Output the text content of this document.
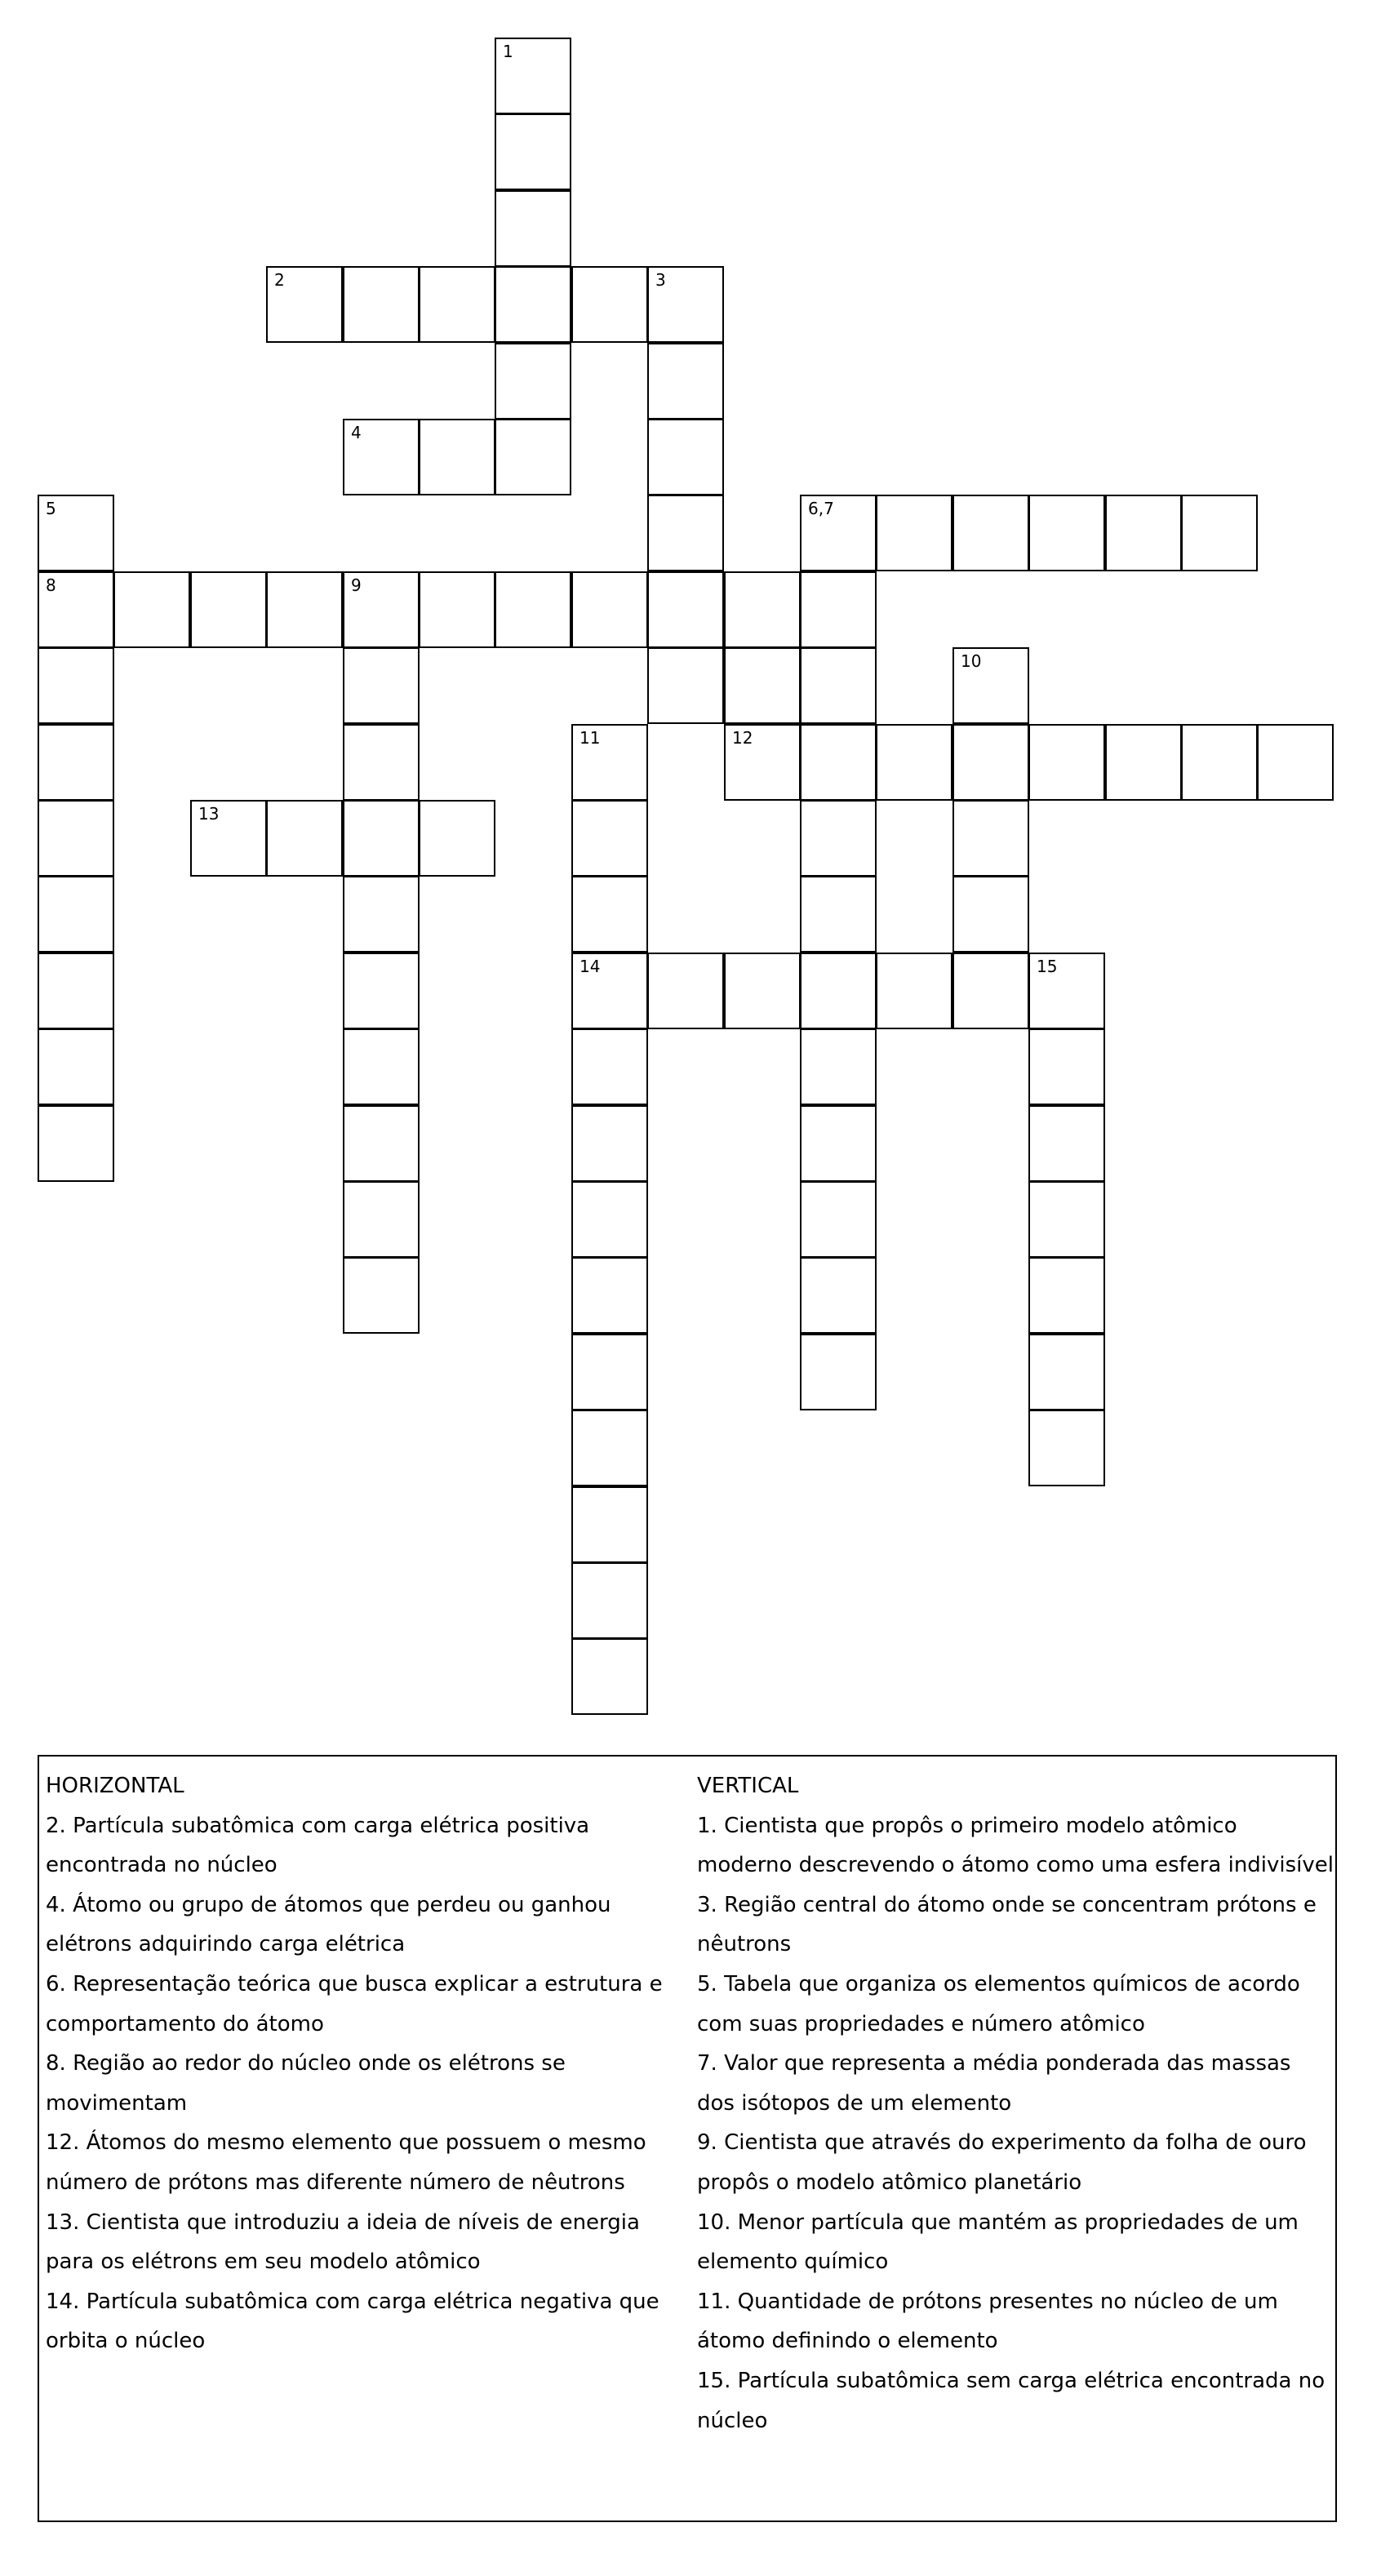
1
2	3
4
5
8
6,7
9
10
11
14
12
13
15
HORIZONTAL
2. Partícula subatômica com carga elétrica positiva encontrada no núcleo
4. Átomo ou grupo de átomos que perdeu ou ganhou elétrons adquirindo carga elétrica
6. Representação teórica que busca explicar a estrutura e comportamento do átomo
8. Região ao redor do núcleo onde os elétrons se movimentam
12. Átomos do mesmo elemento que possuem o mesmo número de prótons mas diferente número de nêutrons
13. Cientista que introduziu a ideia de níveis de energia para os elétrons em seu modelo atômico
14. Partícula subatômica com carga elétrica negativa que orbita o núcleo
VERTICAL
1. Cientista que propôs o primeiro modelo atômico moderno descrevendo o átomo como uma esfera indivisível
3. Região central do átomo onde se concentram prótons e nêutrons
5. Tabela que organiza os elementos químicos de acordo com suas propriedades e número atômico
7. Valor que representa a média ponderada das massas dos isótopos de um elemento
9. Cientista que através do experimento da folha de ouro propôs o modelo atômico planetário
10. Menor partícula que mantém as propriedades de um elemento químico
11. Quantidade de prótons presentes no núcleo de um átomo definindo o elemento
15. Partícula subatômica sem carga elétrica encontrada no núcleo
